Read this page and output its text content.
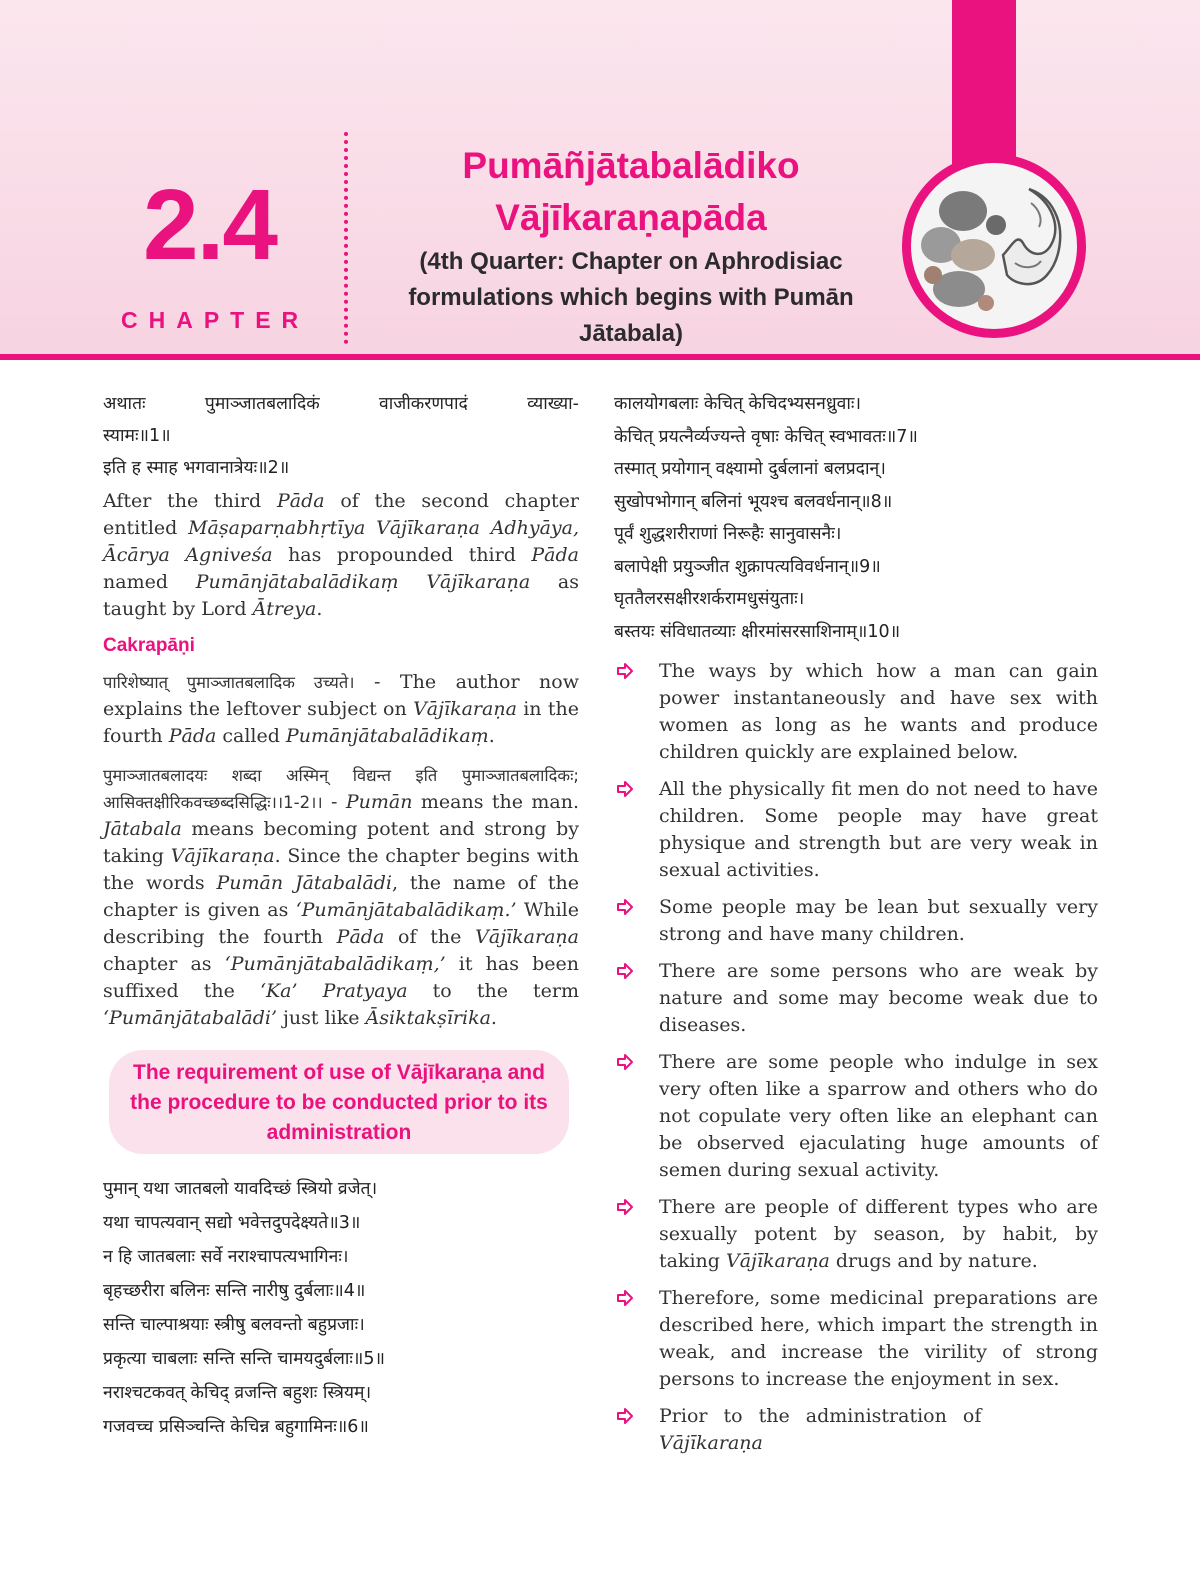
2.4
CHAPTER

Pumāñjātabalādiko

Vājīkaraṇapāda

(4th Quarter: Chapter on Aphrodisiac

formulations which begins with Pumān

Jātabala)

अथातः	पुमाञ्जातबलादिकं	वाजीकरणपादं	व्याख्या-

स्यामः॥1॥

इति ह स्माह भगवानात्रेयः॥2॥

After the third Pāda of the second chapter entitled Māṣaparṇabhṛtīya Vājīkaraṇa Adhyāya, Ācārya Agniveśa has propounded third Pāda named Pumānjātabalādikaṃ Vājīkaraṇa as taught by Lord Ātreya.

Cakrapāṇi

पारिशेष्यात् पुमाञ्जातबलादिक उच्यते। - The author now explains the leftover subject on Vājīkaraṇa in the fourth Pāda called Pumānjātabalādikaṃ.

पुमाञ्जातबलादयः शब्दा अस्मिन् विद्यन्त इति पुमाञ्जातबलादिकः; आसिक्तक्षीरिकवच्छब्दसिद्धिः।।1-2।। - Pumān means the man. Jātabala means becoming potent and strong by taking Vājīkaraṇa. Since the chapter begins with the words Pumān Jātabalādi, the name of the chapter is given as ‘Pumānjātabalādikaṃ.’ While describing the fourth Pāda of the Vājīkaraṇa chapter as ‘Pumānjātabalādikaṃ,’ it has been suffixed the ‘Ka’ Pratyaya to the term ‘Pumānjātabalādi’ just like Āsiktakṣīrika.

The requirement of use of Vājīkaraṇa and

the procedure to be conducted prior to its

administration

पुमान् यथा जातबलो यावदिच्छं स्त्रियो व्रजेत्।

यथा चापत्यवान् सद्यो भवेत्तदुपदेक्ष्यते॥3॥

न हि जातबलाः सर्वे नराश्चापत्यभागिनः।

बृहच्छरीरा बलिनः सन्ति नारीषु दुर्बलाः॥4॥

सन्ति चाल्पाश्रयाः स्त्रीषु बलवन्तो बहुप्रजाः।

प्रकृत्या चाबलाः सन्ति सन्ति चामयदुर्बलाः॥5॥

नराश्चटकवत् केचिद् व्रजन्ति बहुशः स्त्रियम्।

गजवच्च प्रसिञ्चन्ति केचिन्न बहुगामिनः॥6॥

कालयोगबलाः केचित् केचिदभ्यसनध्रुवाः।

केचित् प्रयत्नैर्व्यज्यन्ते वृषाः केचित् स्वभावतः॥7॥

तस्मात् प्रयोगान् वक्ष्यामो दुर्बलानां बलप्रदान्।

सुखोपभोगान् बलिनां भूयश्च बलवर्धनान्॥8॥

पूर्वं शुद्धशरीराणां निरूहैः सानुवासनैः।

बलापेक्षी प्रयुञ्जीत शुक्रापत्यविवर्धनान्॥9॥

घृततैलरसक्षीरशर्करामधुसंयुताः।

बस्तयः संविधातव्याः क्षीरमांसरसाशिनाम्॥10॥

The ways by which how a man can gain power instantaneously and have sex with women as long as he wants and produce children quickly are explained below.

All the physically fit men do not need to have children. Some people may have great physique and strength but are very weak in sexual activities.

Some people may be lean but sexually very strong and have many children.

There are some persons who are weak by nature and some may become weak due to diseases.

There are some people who indulge in sex very often like a sparrow and others who do not copulate very often like an elephant can be observed ejaculating huge amounts of semen during sexual activity.

There are people of different types who are sexually potent by season, by habit, by taking Vājīkaraṇa drugs and by nature.

Therefore, some medicinal preparations are described here, which impart the strength in weak, and increase the virility of strong persons to increase the enjoyment in sex.

Prior to the administration of Vājīkaraṇa
